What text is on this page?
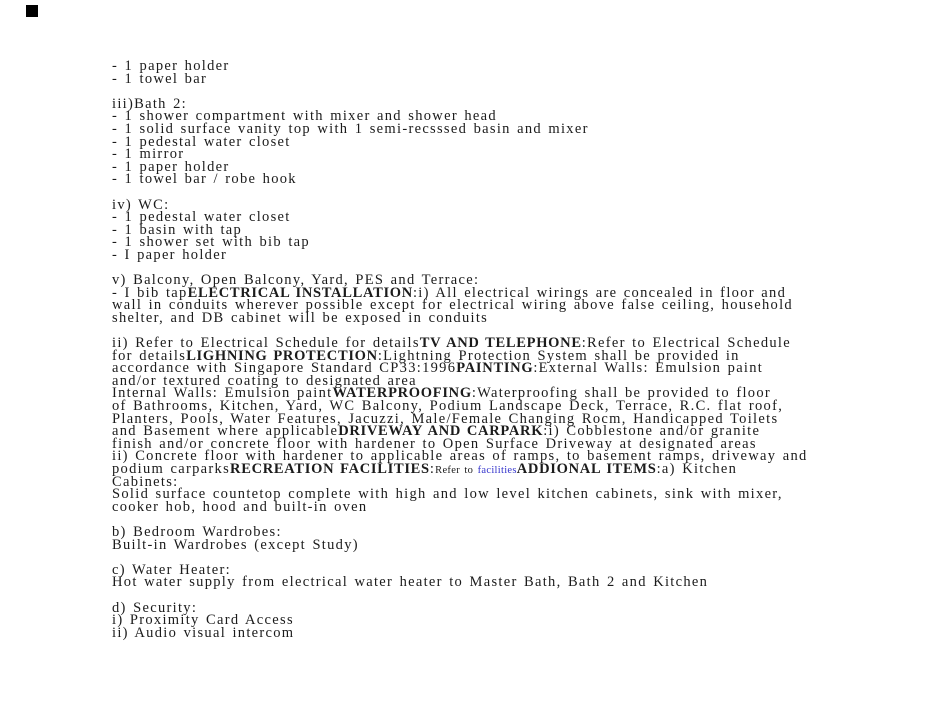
- 1 paper holder
- 1 towel bar
iii)Bath 2:
- 1 shower compartment with mixer and shower head
- 1 solid surface vanity top with 1 semi-recsssed basin and mixer
- 1 pedestal water closet
- 1 mirror
- 1 paper holder
- 1 towel bar / robe hook
iv) WC:
- 1 pedestal water closet
- 1 basin with tap
- 1 shower set with bib tap
- I paper holder
v) Balcony, Open Balcony, Yard, PES and Terrace:
- I bib tapELECTRICAL INSTALLATION:i) All electrical wirings are concealed in floor and
wall in conduits wherever possible except for electrical wiring above false ceiling, household
shelter, and DB cabinet will be exposed in conduits
ii) Refer to Electrical Schedule for detailsTV AND TELEPHONE:Refer to Electrical Schedule
for detailsLIGHNING PROTECTION:Lightning Protection System shall be provided in
accordance with Singapore Standard CP33:1996PAINTING:External Walls: Emulsion paint
and/or textured coating to designated area
Internal Walls: Emulsion paintWATERPROOFING:Waterproofing shall be provided to floor
of Bathrooms, Kitchen, Yard, WC Balcony, Podium Landscape Deck, Terrace, R.C. flat roof,
Planters, Pools, Water Features, Jacuzzi, Male/Female Changing Rocm, Handicapped Toilets
and Basement where applicableDRIVEWAY AND CARPARK:i) Cobblestone and/or granite
finish and/or concrete floor with hardener to Open Surface Driveway at designated areas
ii) Concrete floor with hardener to applicable areas of ramps, to basement ramps, driveway and
podium carparksRECREATION FACILITIES:Refer to facilitiesADDIONAL ITEMS:a) Kitchen
Cabinets:
Solid surface countetop complete with high and low level kitchen cabinets, sink with mixer,
cooker hob, hood and built-in oven
b) Bedroom Wardrobes:
Built-in Wardrobes (except Study)
c) Water Heater:
Hot water supply from electrical water heater to Master Bath, Bath 2 and Kitchen
d) Security:
i) Proximity Card Access
ii) Audio visual intercom
